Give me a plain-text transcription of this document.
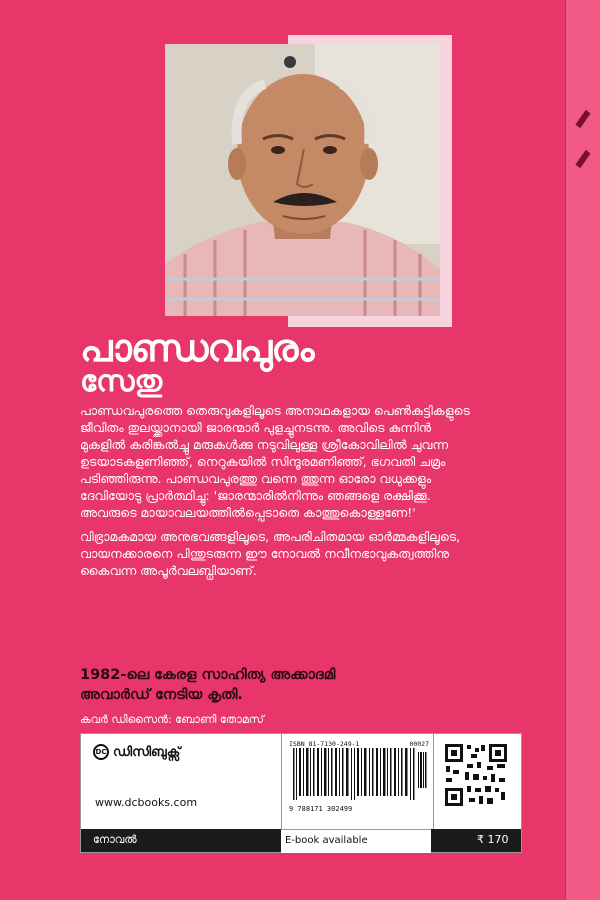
പാണ്ഡവപുരം
സേതു
പാണ്ഡവപുരത്തെ തെരുവുകളിലൂടെ അനാഥകളായ പെൺകുട്ടികളുടെ ജീവിതം തുലയ്ക്കാനായി ജാരന്മാർ പുളച്ചുനടന്നു. അവിടെ കുന്നിൻ മുകളിൽ കരിങ്കൽച്ചു മരുകൾക്കു നടുവിലുള്ള ശ്രീകോവിലിൽ ചുവന്ന ഉടയാടകളണിഞ്ഞ്, നെറുകയിൽ സിന്ദൂരമണിഞ്ഞ്, ഭഗവതി ചമ്രം പടിഞ്ഞിരുന്നു. പാണ്ഡവപുരത്തു വന്നെ ത്തുന്ന ഓരോ വധുക്കളും ദേവിയോടു പ്രാർത്ഥിച്ചു: 'ജാരന്മാരിൽനിന്നും ഞങ്ങളെ രക്ഷിക്കൂ. അവരുടെ മായാവലയത്തിൽപ്പെടാതെ കാത്തുകൊള്ളണേ!'
വിഭ്രാമകമായ അനുഭവങ്ങളിലൂടെ, അപരിചിതമായ ഓർമ്മകളിലൂടെ, വായനക്കാരനെ പിന്തുടരുന്ന ഈ നോവൽ നവീനഭാവുകത്വത്തിനു കൈവന്ന അപൂർവലബ്ധിയാണ്.
1982-ലെ കേരള സാഹിത്യ അക്കാദമി
അവാർഡ് നേടിയ കൃതി.
കവർ ഡിസൈൻ: ബോണി തോമസ്
DC ഡിസിബുക്സ്
www.dcbooks.com
ISBN 81-7130-249-1	00027
9 788171 302499
നോവൽ	₹ 170
E-book available
